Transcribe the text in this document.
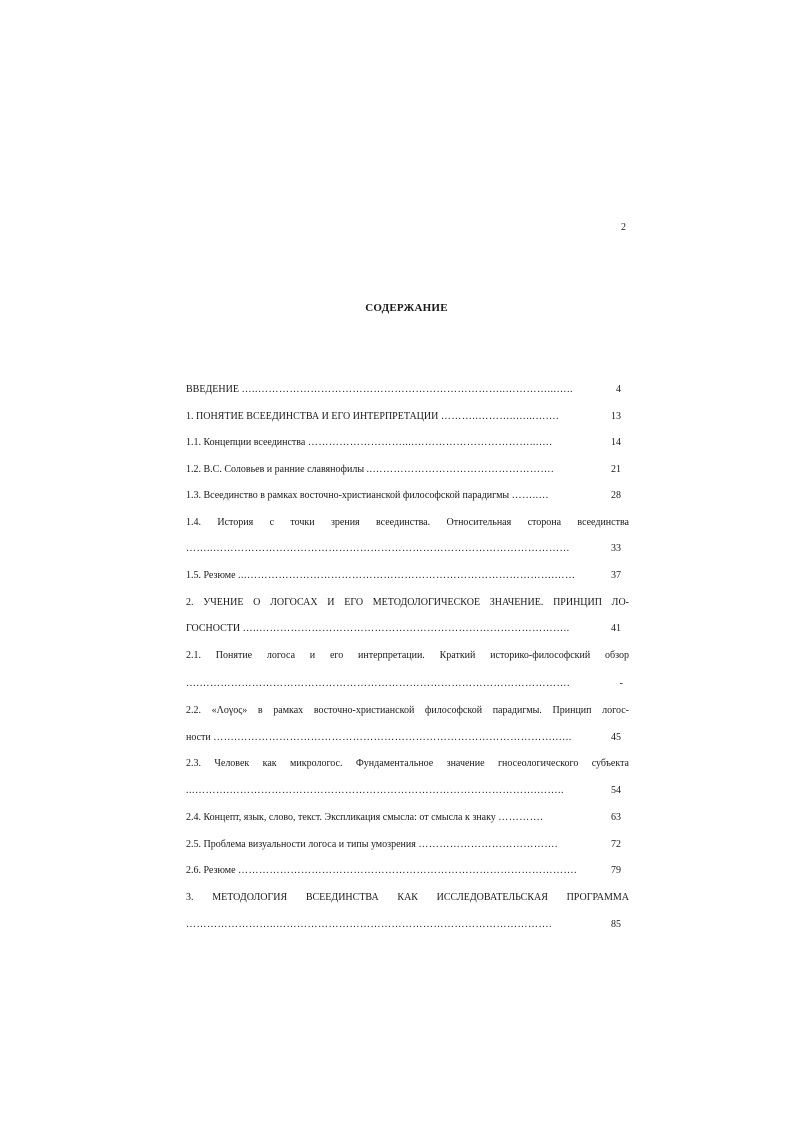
2
СОДЕРЖАНИЕ
ВВЕДЕНИЕ …..……………………………………………………………..…………...…..	4
1. ПОНЯТИЕ ВСЕЕДИНСТВА И ЕГО ИНТЕРПРЕТАЦИИ ………..………..…...….…	13
1.1. Концепции всеединства ………………………....……………………………...….	14
1.2. В.С. Соловьев и ранние славянофилы ..…………………………………………….	21
1.3. Всеединство в рамках восточно-христианской философской парадигмы ……..…	28
1.4. История с точки зрения всеединства. Относительная сторона всеединства
……..…………………………………………………………………………………………	33
1.5. Резюме ...…………………………………………………………………………….……	37
2. УЧЕНИЕ О ЛОГОСАХ И ЕГО МЕТОДОЛОГИЧЕСКОЕ ЗНАЧЕНИЕ. ПРИНЦИП ЛО-
ГОСНОСТИ …..……………………………………………………………………………..	41
2.1. Понятие логоса и его интерпретации. Краткий историко-философский обзор
….…………………………………………………………………………………………….	-
2.2. «Λογος» в рамках восточно-христианской философской парадигмы. Принцип логос-
ности …….……………………………………………………………………………….…..	45
2.3. Человек как микрологос. Фундаментальное значение гносеологического субъекта
...……….…………………………………………………………………………….……..	54
2.4. Концепт, язык, слово, текст. Экспликация смысла: от смысла к знаку ………….	63
2.5. Проблема визуальности логоса и типы умозрения ………………………………….	72
2.6. Резюме …………………………………………………………………………………….	79
3. МЕТОДОЛОГИЯ ВСЕЕДИНСТВА КАК ИССЛЕДОВАТЕЛЬСКАЯ ПРОГРАММА
……………………..…………………………………………………………………….	85
